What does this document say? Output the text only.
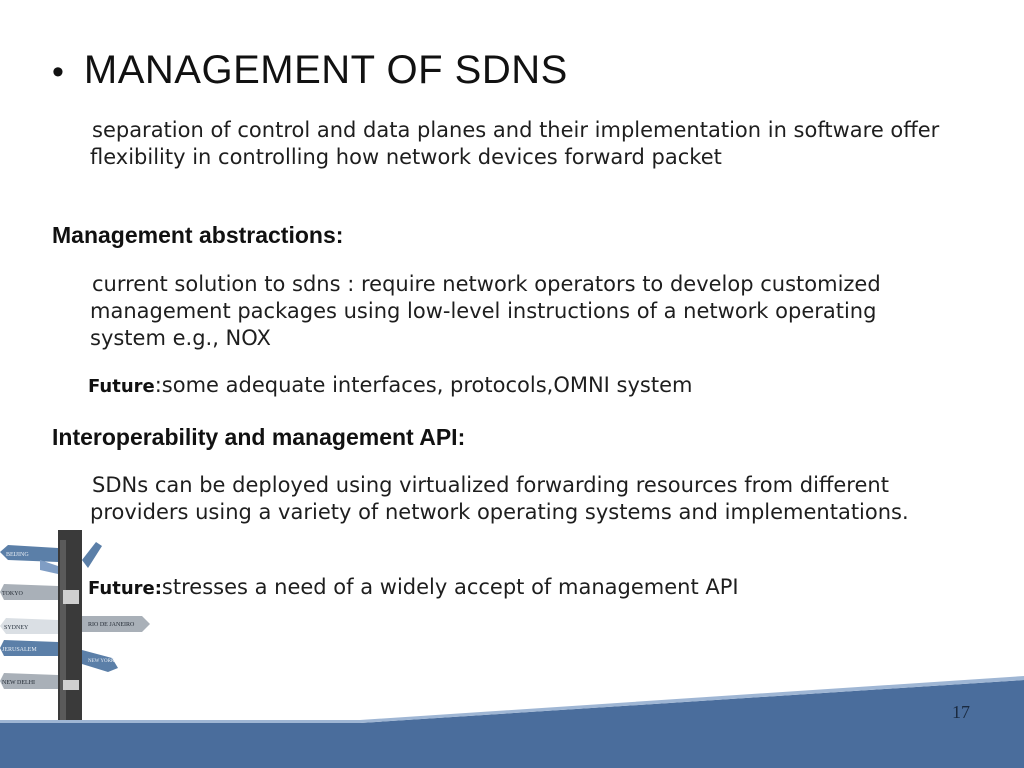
• MANAGEMENT OF SDNS
separation of control and data planes and their implementation in software offer flexibility in controlling how network devices forward packet
Management abstractions:
current solution to sdns : require network operators to develop customized management packages using low-level instructions of a network operating system e.g., NOX
Future:some adequate interfaces, protocols,OMNI system
Interoperability and management API:
SDNs can be deployed using virtualized forwarding resources from different providers using a variety of network operating systems and implementations.
Future:stresses a need of a widely accept of management API
BEIJING
TOKYO
SYDNEY
JERUSALEM
NEW DELHI
RIO DE JANEIRO
NEW YORK
17
